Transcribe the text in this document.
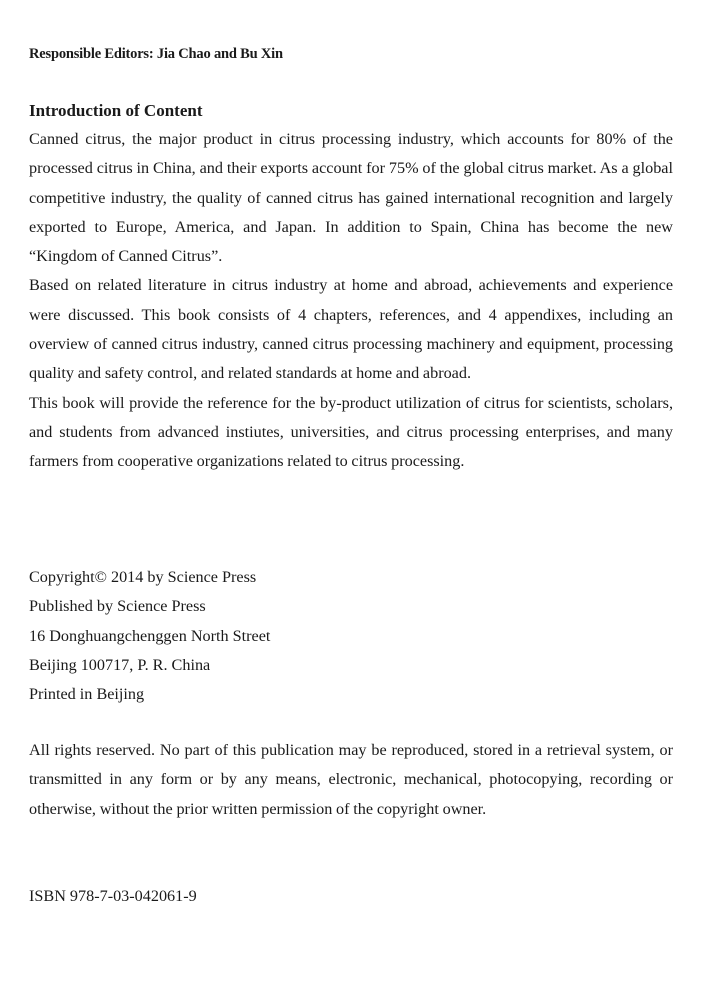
Responsible Editors: Jia Chao and Bu Xin

Introduction of Content

Canned citrus, the major product in citrus processing industry, which accounts for 80% of the processed citrus in China, and their exports account for 75% of the global citrus market. As a global competitive industry, the quality of canned citrus has gained international recognition and largely exported to Europe, America, and Japan. In addition to Spain, China has become the new “Kingdom of Canned Citrus”.

Based on related literature in citrus industry at home and abroad, achievements and experience were discussed. This book consists of 4 chapters, references, and 4 appendixes, including an overview of canned citrus industry, canned citrus processing machinery and equipment, processing quality and safety control, and related standards at home and abroad.

This book will provide the reference for the by-product utilization of citrus for scientists, scholars, and students from advanced instiutes, universities, and citrus processing enterprises, and many farmers from cooperative organizations related to citrus processing.

Copyright© 2014 by Science Press

Published by Science Press

16 Donghuangchenggen North Street

Beijing 100717, P. R. China

Printed in Beijing

All rights reserved. No part of this publication may be reproduced, stored in a retrieval system, or transmitted in any form or by any means, electronic, mechanical, photocopying, recording or otherwise, without the prior written permission of the copyright owner.

ISBN 978-7-03-042061-9
